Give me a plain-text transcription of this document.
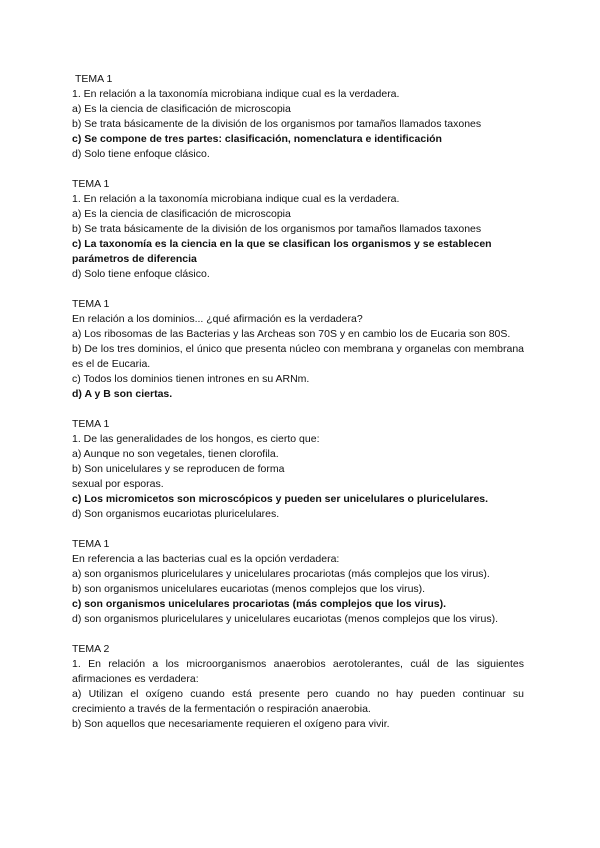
TEMA 1
1. En relación a la taxonomía microbiana indique cual es la verdadera.
a) Es la ciencia de clasificación de microscopia
b) Se trata básicamente de la división de los organismos por tamaños llamados taxones
c) Se compone de tres partes: clasificación, nomenclatura e identificación
d) Solo tiene enfoque clásico.
TEMA 1
1. En relación a la taxonomía microbiana indique cual es la verdadera.
a) Es la ciencia de clasificación de microscopia
b) Se trata básicamente de la división de los organismos por tamaños llamados taxones
c) La taxonomía es la ciencia en la que se clasifican los organismos y se establecen parámetros de diferencia
d) Solo tiene enfoque clásico.
TEMA 1
En relación a los dominios... ¿qué afirmación es la verdadera?
a) Los ribosomas de las Bacterias y las Archeas son 70S y en cambio los de Eucaria son 80S.
b) De los tres dominios, el único que presenta núcleo con membrana y organelas con membrana es el de Eucaria.
c) Todos los dominios tienen intrones en su ARNm.
d) A y B son ciertas.
TEMA 1
1. De las generalidades de los hongos, es cierto que:
a) Aunque no son vegetales, tienen clorofila.
b) Son unicelulares y se reproducen de forma
sexual por esporas.
c) Los micromicetos son microscópicos y pueden ser unicelulares o pluricelulares.
d) Son organismos eucariotas pluricelulares.
TEMA 1
En referencia a las bacterias cual es la opción verdadera:
a) son organismos pluricelulares y unicelulares procariotas (más complejos que los virus).
b) son organismos unicelulares eucariotas (menos complejos que los virus).
c) son organismos unicelulares procariotas (más complejos que los virus).
d) son organismos pluricelulares y unicelulares eucariotas (menos complejos que los virus).
TEMA 2
1. En relación a los microorganismos anaerobios aerotolerantes, cuál de las siguientes afirmaciones es verdadera:
a) Utilizan el oxígeno cuando está presente pero cuando no hay pueden continuar su crecimiento a través de la fermentación o respiración anaerobia.
b) Son aquellos que necesariamente requieren el oxígeno para vivir.
